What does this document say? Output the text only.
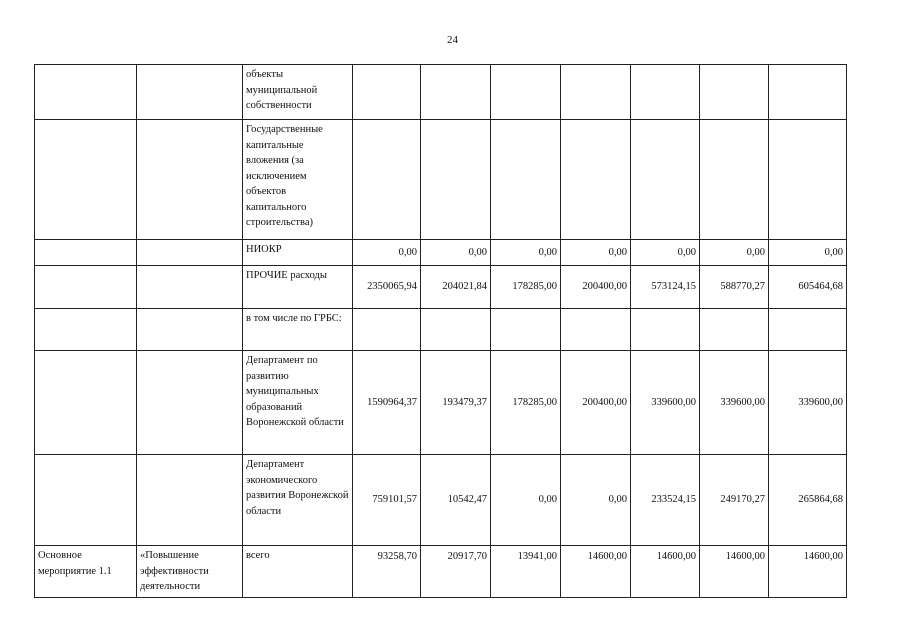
24
		объекты муниципальной собственности							
		Государственные капитальные вложения (за исключением объектов капитального строительства)							
		НИОКР	0,00	0,00	0,00	0,00	0,00	0,00	0,00
		ПРОЧИЕ расходы	2350065,94	204021,84	178285,00	200400,00	573124,15	588770,27	605464,68
		в том числе по ГРБС:							
		Департамент по развитию муниципальных образований Воронежской области	1590964,37	193479,37	178285,00	200400,00	339600,00	339600,00	339600,00
		Департамент экономического развития Воронежской области	759101,57	10542,47	0,00	0,00	233524,15	249170,27	265864,68
Основное мероприятие 1.1	«Повышение эффективности деятельности	всего	93258,70	20917,70	13941,00	14600,00	14600,00	14600,00	14600,00
